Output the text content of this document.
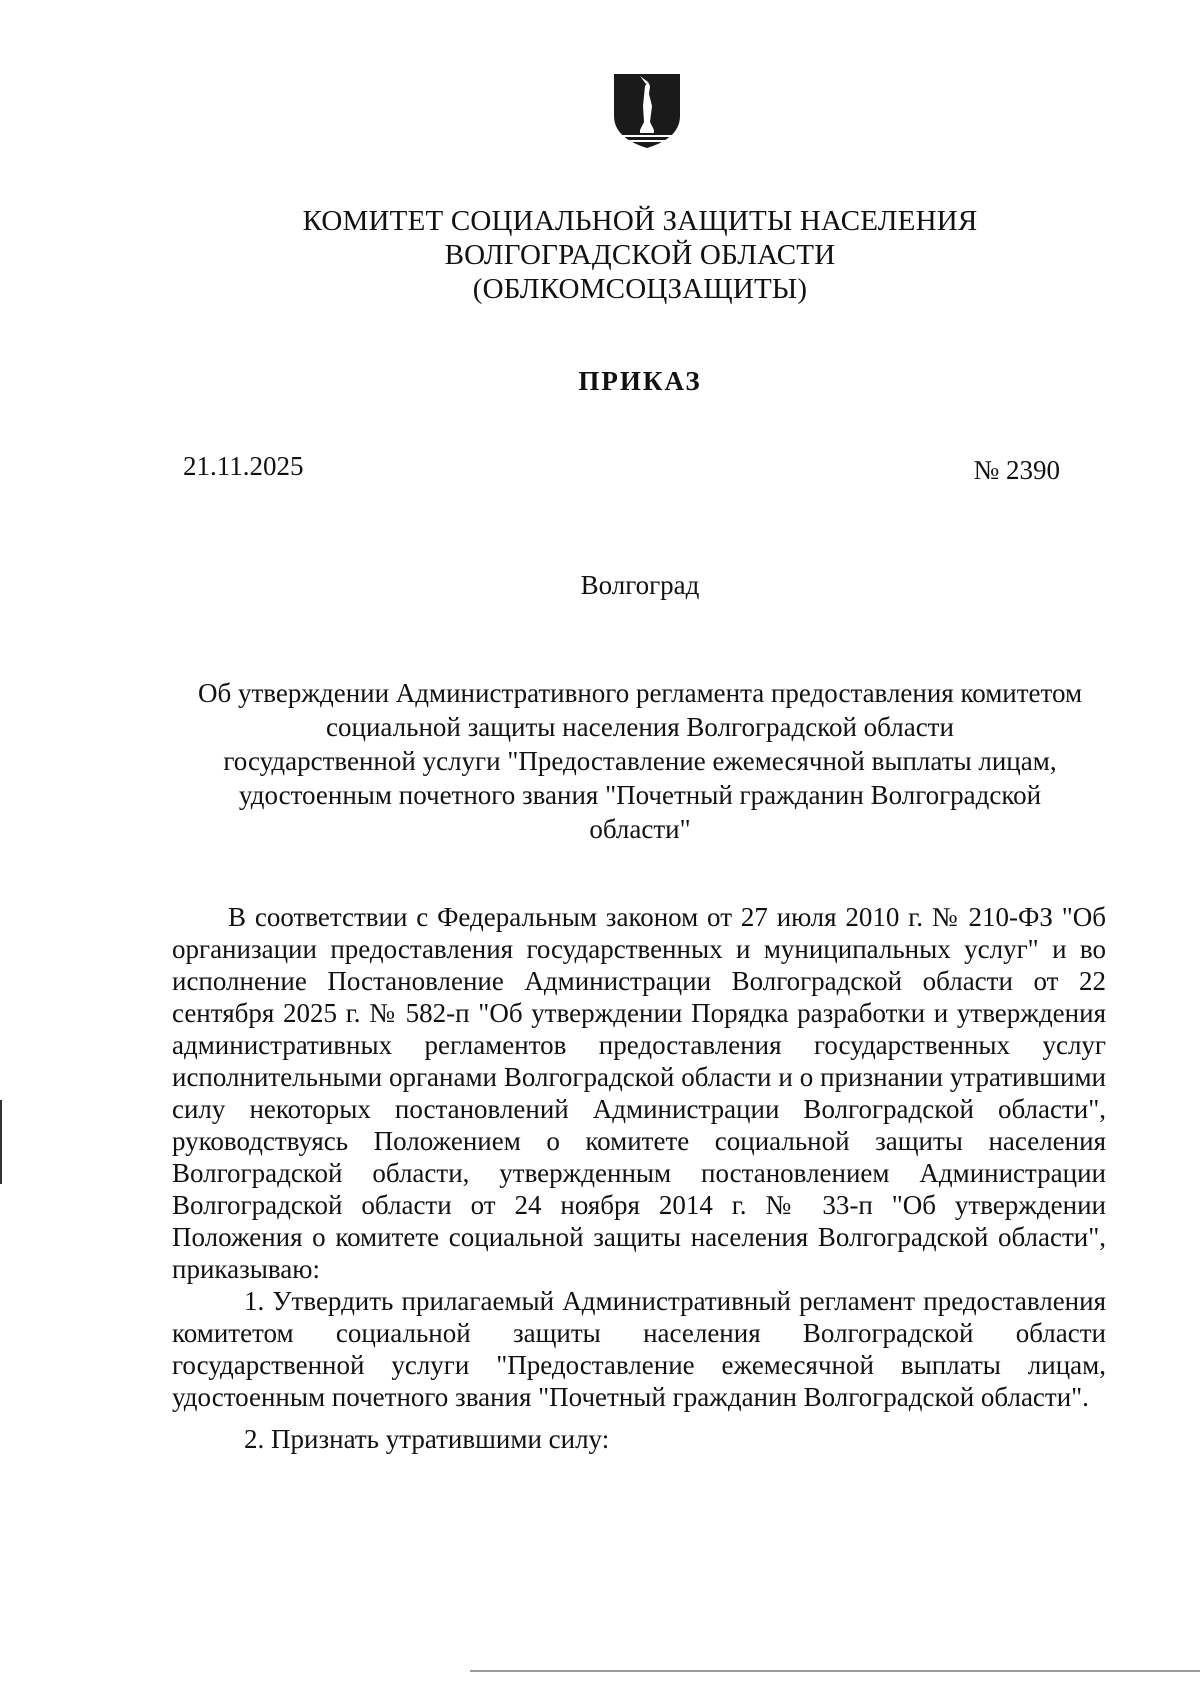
КОМИТЕТ СОЦИАЛЬНОЙ ЗАЩИТЫ НАСЕЛЕНИЯ
ВОЛГОГРАДСКОЙ ОБЛАСТИ
(ОБЛКОМСОЦЗАЩИТЫ)
ПРИКАЗ
21.11.2025	№ 2390
Волгоград
Об утверждении Административного регламента предоставления комитетом
социальной защиты населения Волгоградской области
государственной услуги "Предоставление ежемесячной выплаты лицам,
удостоенным почетного звания "Почетный гражданин Волгоградской
области"

В соответствии с Федеральным законом от 27 июля 2010 г. № 210-ФЗ "Об организации предоставления государственных и муниципальных услуг" и во исполнение Постановление Администрации Волгоградской области от 22 сентября 2025 г. № 582-п "Об утверждении Порядка разработки и утверждения административных регламентов предоставления государственных услуг исполнительными органами Волгоградской области и о признании утратившими силу некоторых постановлений Администрации Волгоградской области", руководствуясь Положением о комитете социальной защиты населения Волгоградской области, утвержденным постановлением Администрации Волгоградской области от 24 ноября 2014 г. № 33-п "Об утверждении Положения о комитете социальной защиты населения Волгоградской области", приказываю:

1. Утвердить прилагаемый Административный регламент предоставления комитетом социальной защиты населения Волгоградской области государственной услуги "Предоставление ежемесячной выплаты лицам, удостоенным почетного звания "Почетный гражданин Волгоградской области".

2. Признать утратившими силу:
